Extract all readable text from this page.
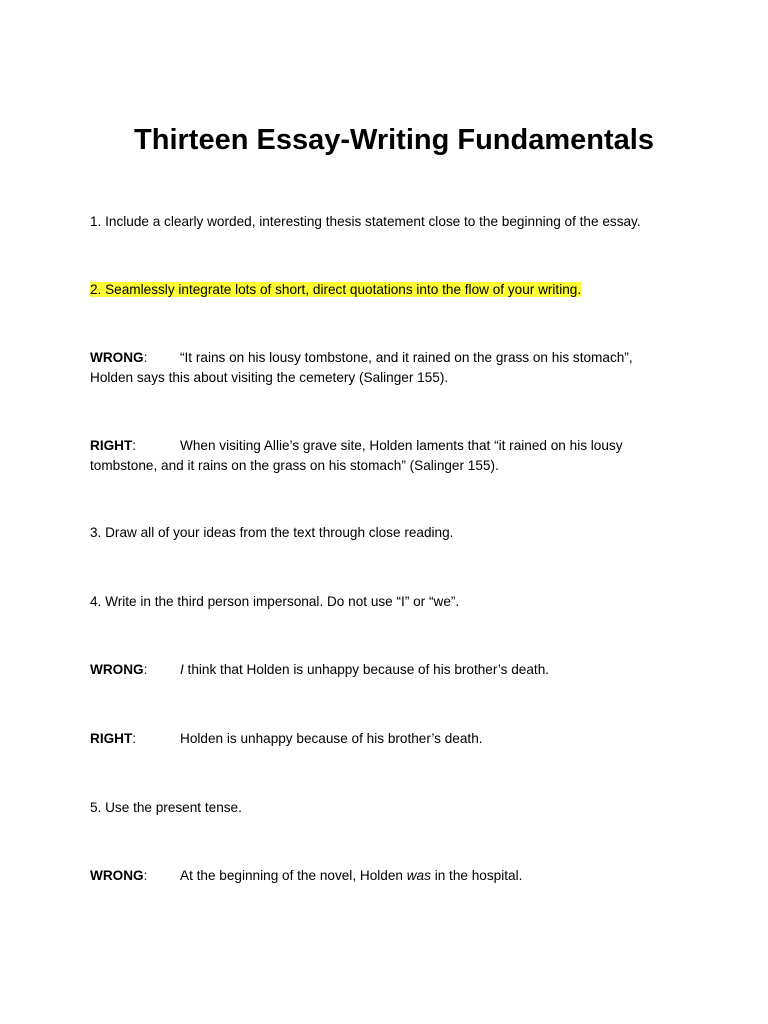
Thirteen Essay-Writing Fundamentals

1. Include a clearly worded, interesting thesis statement close to the beginning of the essay.

2. Seamlessly integrate lots of short, direct quotations into the flow of your writing.

WRONG: “It rains on his lousy tombstone, and it rained on the grass on his stomach”,
Holden says this about visiting the cemetery (Salinger 155).
RIGHT:	When visiting Allie’s grave site, Holden laments that “it rained on his lousy
tombstone, and it rains on the grass on his stomach” (Salinger 155).

3. Draw all of your ideas from the text through close reading.

4. Write in the third person impersonal. Do not use “I” or “we”.

WRONG: I think that Holden is unhappy because of his brother’s death.
RIGHT:	Holden is unhappy because of his brother’s death.

5. Use the present tense.

WRONG: At the beginning of the novel, Holden was in the hospital.
